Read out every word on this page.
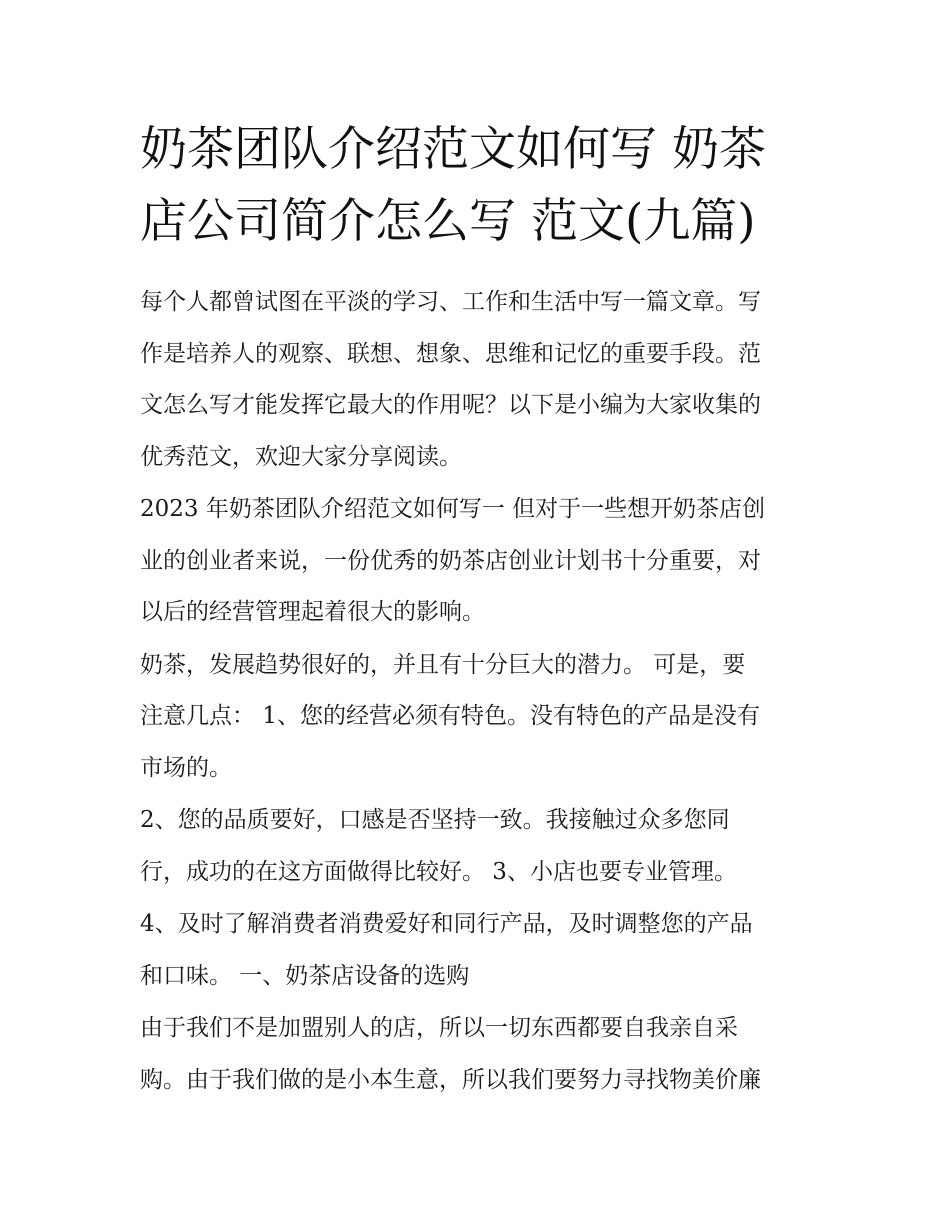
奶茶团队介绍范文如何写 奶茶
店公司简介怎么写 范文(九篇)
每个人都曾试图在平淡的学习、工作和生活中写一篇文章。写
作是培养人的观察、联想、想象、思维和记忆的重要手段。范
文怎么写才能发挥它最大的作用呢？以下是小编为大家收集的
优秀范文，欢迎大家分享阅读。
2023 年奶茶团队介绍范文如何写一 但对于一些想开奶茶店创
业的创业者来说，一份优秀的奶茶店创业计划书十分重要，对
以后的经营管理起着很大的影响。
奶茶，发展趋势很好的，并且有十分巨大的潜力。 可是，要
注意几点： 1、您的经营必须有特色。没有特色的产品是没有
市场的。
2、您的品质要好，口感是否坚持一致。我接触过众多您同
行，成功的在这方面做得比较好。 3、小店也要专业管理。
4、及时了解消费者消费爱好和同行产品，及时调整您的产品
和口味。 一、奶茶店设备的选购
由于我们不是加盟别人的店，所以一切东西都要自我亲自采
购。由于我们做的是小本生意，所以我们要努力寻找物美价廉
